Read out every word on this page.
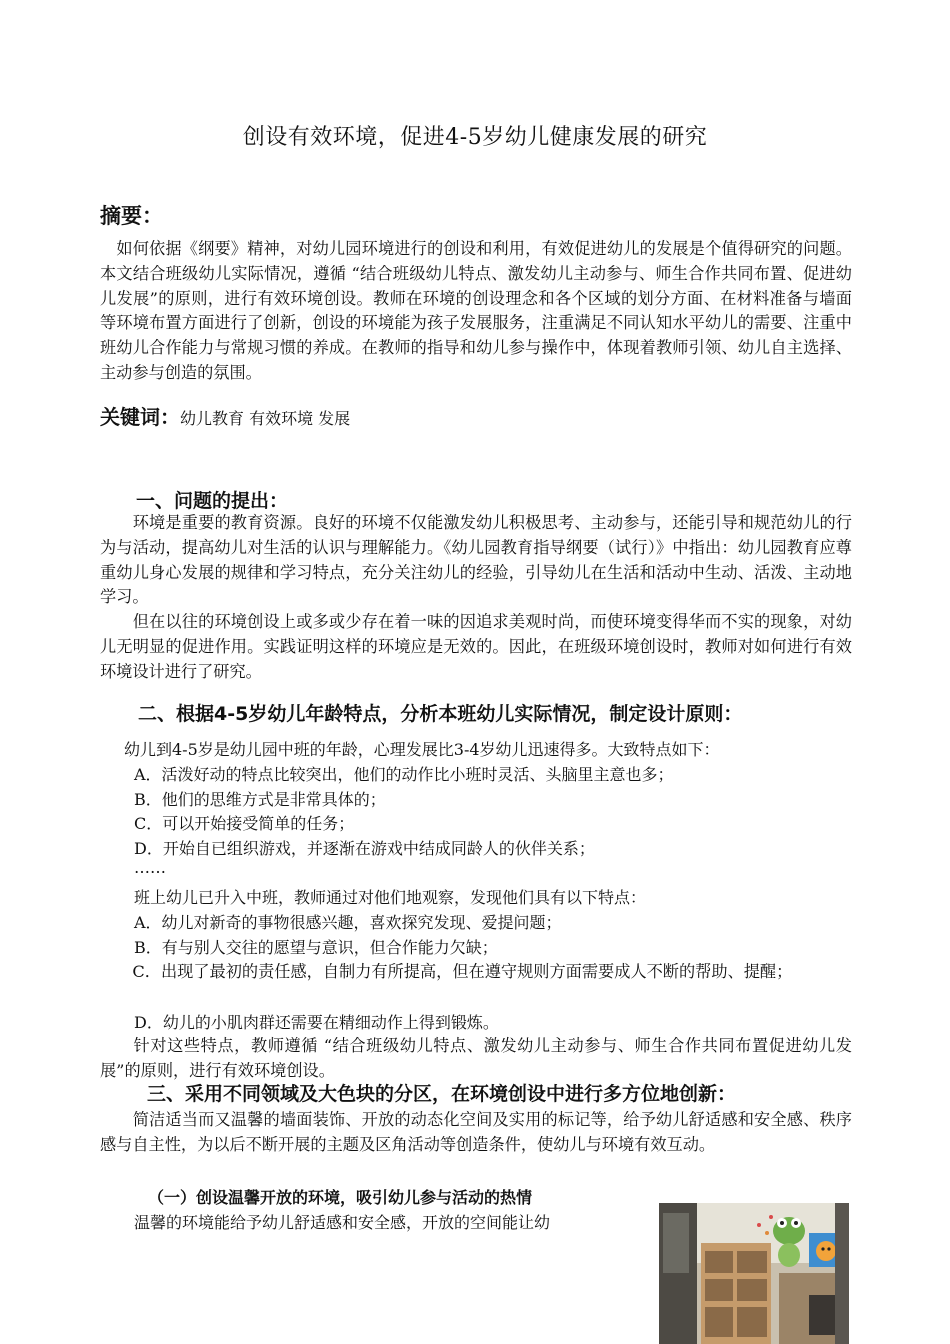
创设有效环境，促进4-5岁幼儿健康发展的研究
摘要：

　如何依据《纲要》精神，对幼儿园环境进行的创设和利用，有效促进幼儿的发展是个值得研究的问题。本文结合班级幼儿实际情况，遵循 “结合班级幼儿特点、激发幼儿主动参与、师生合作共同布置、促进幼儿发展”的原则，进行有效环境创设。教师在环境的创设理念和各个区域的划分方面、在材料准备与墙面等环境布置方面进行了创新，创设的环境能为孩子发展服务，注重满足不同认知水平幼儿的需要、注重中班幼儿合作能力与常规习惯的养成。在教师的指导和幼儿参与操作中，体现着教师引领、幼儿自主选择、主动参与创造的氛围。

关键词：幼儿教育 有效环境 发展
一、问题的提出：

　　环境是重要的教育资源。良好的环境不仅能激发幼儿积极思考、主动参与，还能引导和规范幼儿的行为与活动，提高幼儿对生活的认识与理解能力。《幼儿园教育指导纲要（试行）》中指出：幼儿园教育应尊重幼儿身心发展的规律和学习特点，充分关注幼儿的经验，引导幼儿在生活和活动中生动、活泼、主动地学习。

　　但在以往的环境创设上或多或少存在着一味的因追求美观时尚，而使环境变得华而不实的现象，对幼儿无明显的促进作用。实践证明这样的环境应是无效的。因此，在班级环境创设时，教师对如何进行有效环境设计进行了研究。

二、根据4-5岁幼儿年龄特点，分析本班幼儿实际情况，制定设计原则：
幼儿到4-5岁是幼儿园中班的年龄，心理发展比3-4岁幼儿迅速得多。大致特点如下：
A．活泼好动的特点比较突出，他们的动作比小班时灵活、头脑里主意也多；
B．他们的思维方式是非常具体的；
C．可以开始接受简单的任务；
D．开始自已组织游戏，并逐渐在游戏中结成同龄人的伙伴关系；
……
班上幼儿已升入中班，教师通过对他们地观察，发现他们具有以下特点：
A．幼儿对新奇的事物很感兴趣，喜欢探究发现、爱提问题；
B．有与别人交往的愿望与意识，但合作能力欠缺；

　　C．出现了最初的责任感，自制力有所提高，但在遵守规则方面需要成人不断的帮助、提醒；

D．幼儿的小肌肉群还需要在精细动作上得到锻炼。

　　针对这些特点，教师遵循 “结合班级幼儿特点、激发幼儿主动参与、师生合作共同布置促进幼儿发展”的原则，进行有效环境创设。

三、采用不同领域及大色块的分区，在环境创设中进行多方位地创新：

　　简洁适当而又温馨的墙面装饰、开放的动态化空间及实用的标记等，给予幼儿舒适感和安全感、秩序感与自主性，为以后不断开展的主题及区角活动等创造条件，使幼儿与环境有效互动。

（一）创设温馨开放的环境，吸引幼儿参与活动的热情
温馨的环境能给予幼儿舒适感和安全感，开放的空间能让幼
